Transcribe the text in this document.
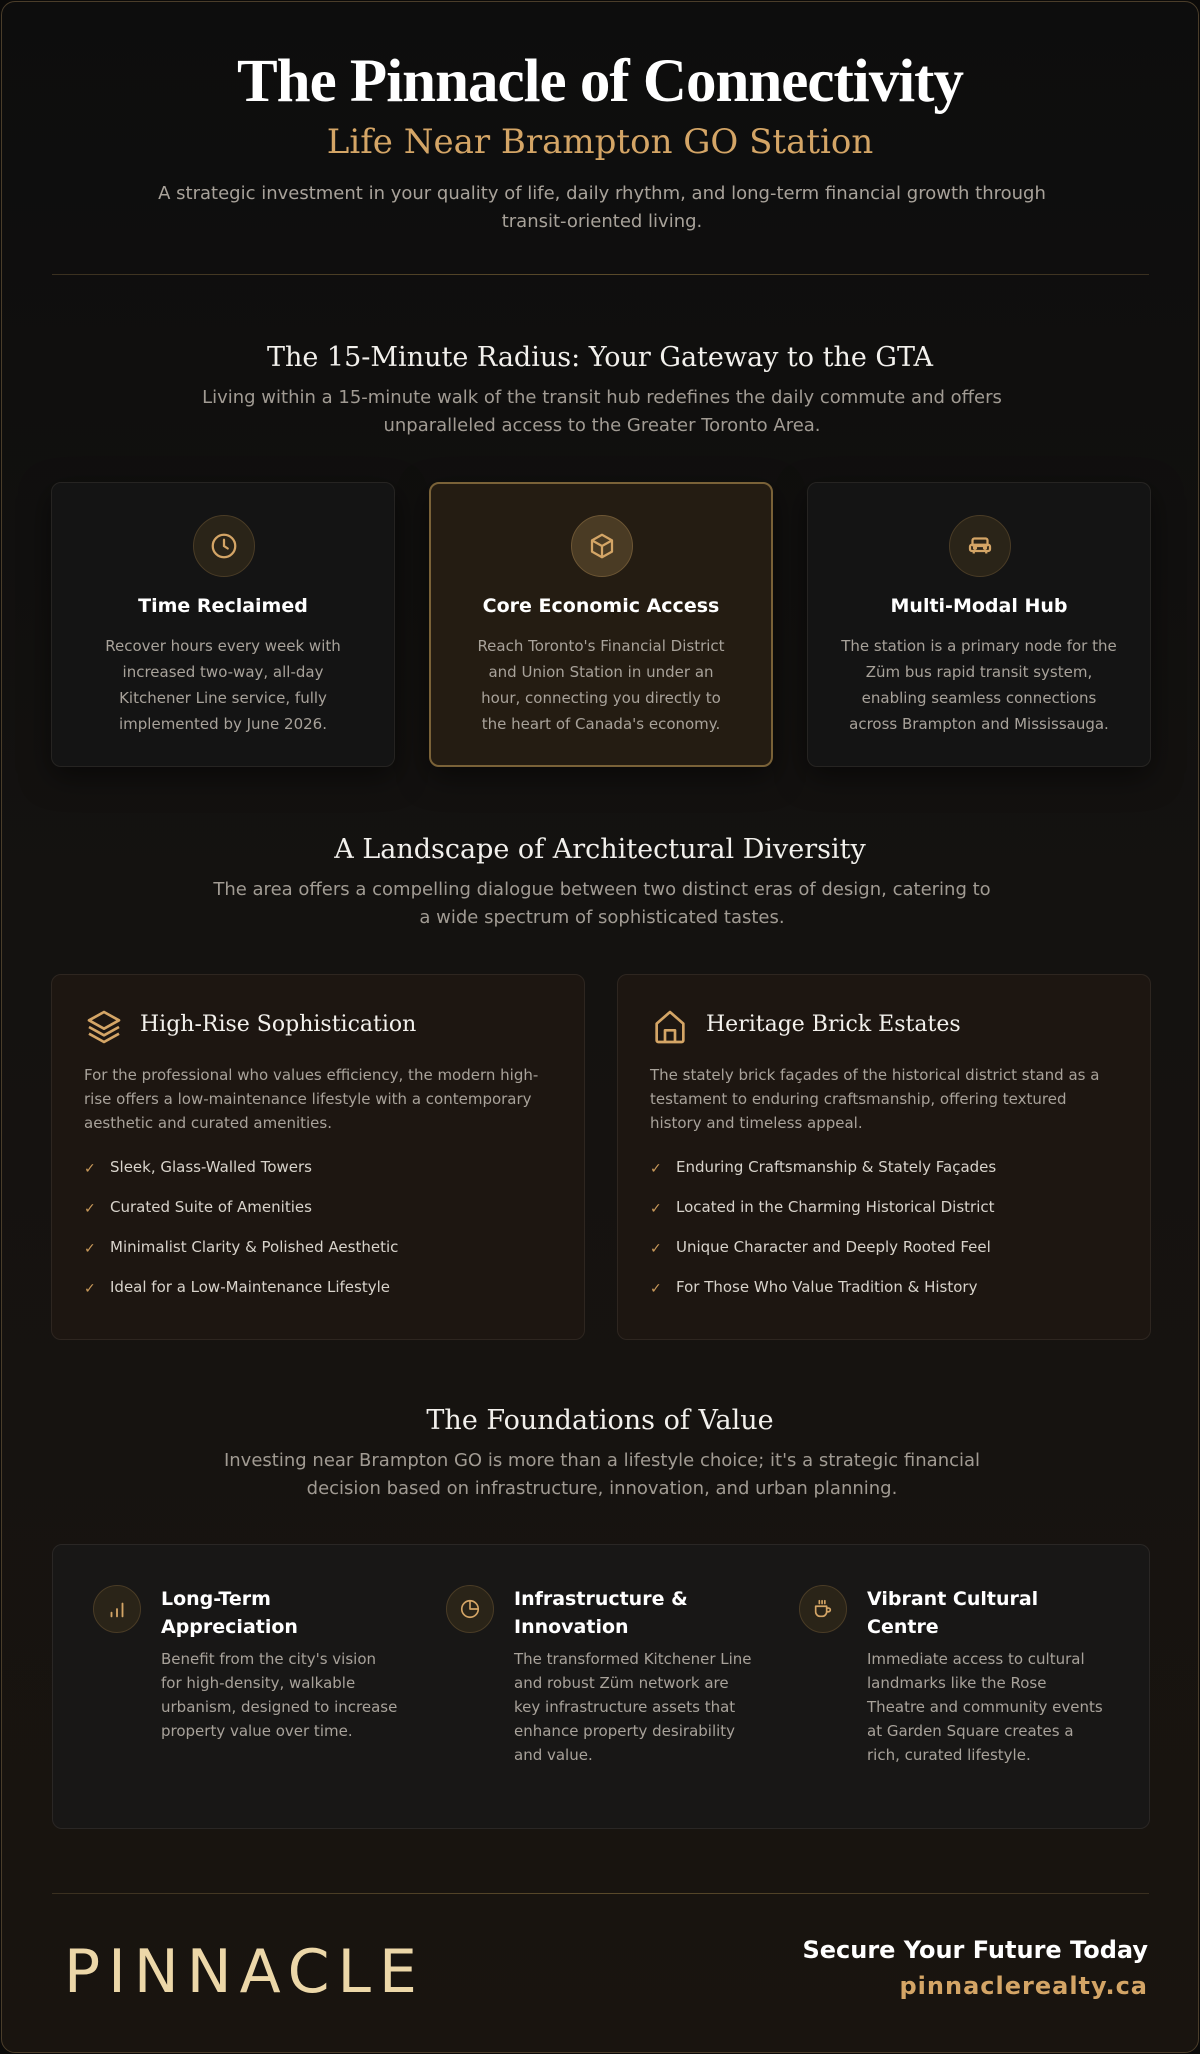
The Pinnacle of Connectivity
Life Near Brampton GO Station

A strategic investment in your quality of life, daily rhythm, and long-term financial growth through transit-oriented living.

The 15-Minute Radius: Your Gateway to the GTA

Living within a 15-minute walk of the transit hub redefines the daily commute and offers unparalleled access to the Greater Toronto Area.

Time Reclaimed

Recover hours every week with increased two-way, all-day Kitchener Line service, fully implemented by June 2026.

Core Economic Access

Reach Toronto's Financial District and Union Station in under an hour, connecting you directly to the heart of Canada's economy.

Multi-Modal Hub

The station is a primary node for the Züm bus rapid transit system, enabling seamless connections across Brampton and Mississauga.

A Landscape of Architectural Diversity

The area offers a compelling dialogue between two distinct eras of design, catering to a wide spectrum of sophisticated tastes.

High-Rise Sophistication

For the professional who values efficiency, the modern high-rise offers a low-maintenance lifestyle with a contemporary aesthetic and curated amenities.

✓ Sleek, Glass-Walled Towers
✓ Curated Suite of Amenities
✓ Minimalist Clarity & Polished Aesthetic
✓ Ideal for a Low-Maintenance Lifestyle
Heritage Brick Estates

The stately brick façades of the historical district stand as a testament to enduring craftsmanship, offering textured history and timeless appeal.

✓ Enduring Craftsmanship & Stately Façades
✓ Located in the Charming Historical District
✓ Unique Character and Deeply Rooted Feel
✓ For Those Who Value Tradition & History
The Foundations of Value

Investing near Brampton GO is more than a lifestyle choice; it's a strategic financial decision based on infrastructure, innovation, and urban planning.

Long-Term Appreciation

Benefit from the city's vision for high-density, walkable urbanism, designed to increase property value over time.

Infrastructure & Innovation

The transformed Kitchener Line and robust Züm network are key infrastructure assets that enhance property desirability and value.

Vibrant Cultural Centre

Immediate access to cultural landmarks like the Rose Theatre and community events at Garden Square creates a rich, curated lifestyle.

PINNACLE	Secure Your Future Today
pinnaclerealty.ca
